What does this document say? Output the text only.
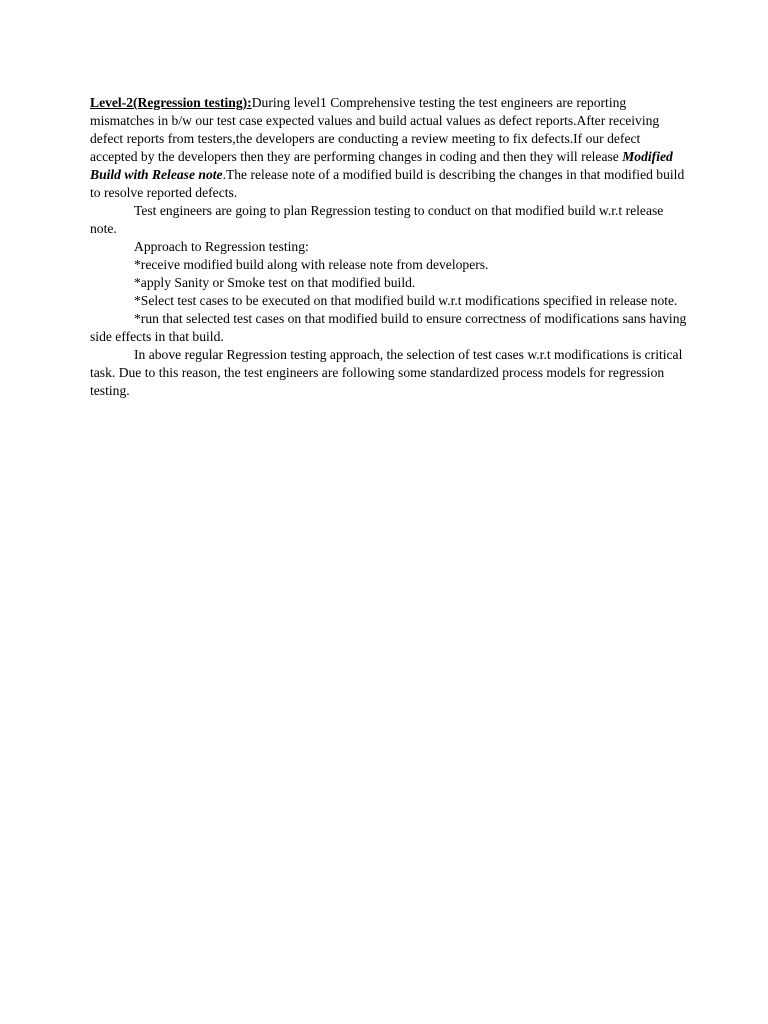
Level-2(Regression testing):During level1 Comprehensive testing the test engineers are reporting mismatches in b/w our test case expected values and build actual values as defect reports.After receiving defect reports from testers,the developers are conducting a review meeting to fix defects.If our defect accepted by the developers then they are performing changes in coding and then they will release Modified Build with Release note.The release note of a modified build is describing the changes in that modified build to resolve reported defects.

Test engineers are going to plan Regression testing to conduct on that modified build w.r.t release note.

Approach to Regression testing:

*receive modified build along with release note from developers.

*apply Sanity or Smoke test on that modified build.

*Select test cases to be executed on that modified build w.r.t modifications specified in release note.

*run that selected test cases on that modified build to ensure correctness of modifications sans having side effects in that build.

In above regular Regression testing approach, the selection of test cases w.r.t modifications is critical task. Due to this reason, the test engineers are following some standardized process models for regression testing.
